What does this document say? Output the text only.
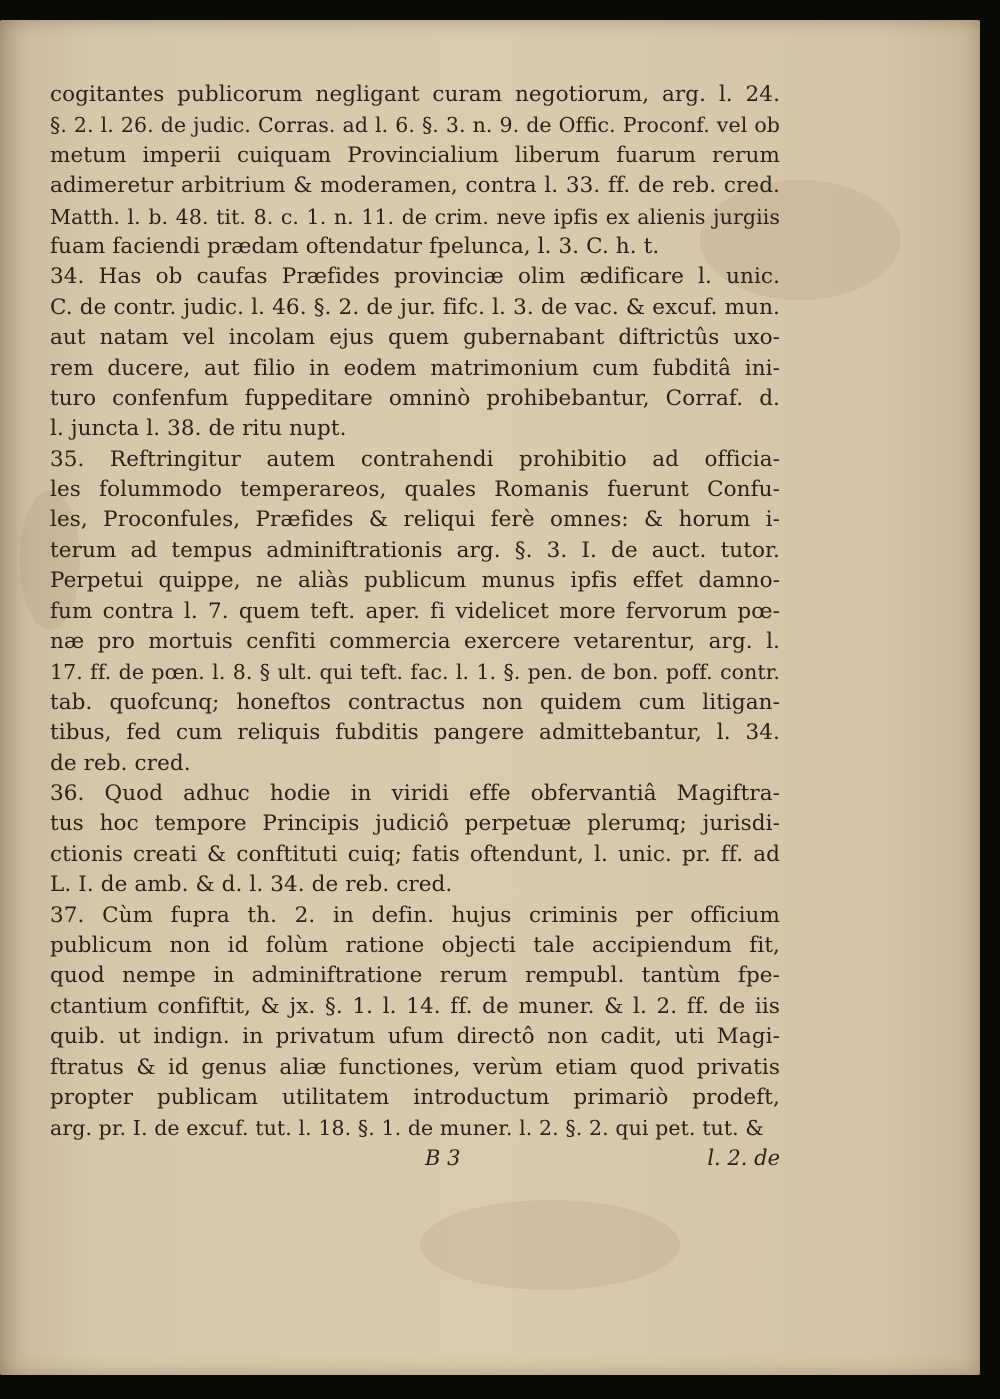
cogitantes publicorum negligant curam negotiorum, arg. l. 24.
§. 2. l. 26. de judic. Corras. ad l. 6. §. 3. n. 9. de Offic. Proconf. vel ob
metum imperii cuiquam Provincialium liberum fuarum rerum
adimeretur arbitrium & moderamen, contra l. 33. ff. de reb. cred.
Matth. l. b. 48. tit. 8. c. 1. n. 11. de crim. neve ipfis ex alienis jurgiis
fuam faciendi prædam oftendatur fpelunca, l. 3. C. h. t.
34. Has ob caufas Præfides provinciæ olim ædificare l. unic.
C. de contr. judic. l. 46. §. 2. de jur. fifc. l. 3. de vac. & excuf. mun.
aut natam vel incolam ejus quem gubernabant diftrictûs uxo-
rem ducere, aut filio in eodem matrimonium cum fubditâ ini-
turo confenfum fuppeditare omninò prohibebantur, Corraf. d.
l. juncta l. 38. de ritu nupt.
35. Reftringitur autem contrahendi prohibitio ad officia-
les folummodo temperareos, quales Romanis fuerunt Confu-
les, Proconfules, Præfides & reliqui ferè omnes: & horum i-
terum ad tempus adminiftrationis arg. §. 3. I. de auct. tutor.
Perpetui quippe, ne aliàs publicum munus ipfis effet damno-
fum contra l. 7. quem teft. aper. fi videlicet more fervorum pœ-
næ pro mortuis cenfiti commercia exercere vetarentur, arg. l.
17. ff. de pœn. l. 8. § ult. qui teft. fac. l. 1. §. pen. de bon. poff. contr.
tab. quofcunq; honeftos contractus non quidem cum litigan-
tibus, fed cum reliquis fubditis pangere admittebantur, l. 34.
de reb. cred.
36. Quod adhuc hodie in viridi effe obfervantiâ Magiftra-
tus hoc tempore Principis judiciô perpetuæ plerumq; jurisdi-
ctionis creati & conftituti cuiq; fatis oftendunt, l. unic. pr. ff. ad
L. I. de amb. & d. l. 34. de reb. cred.
37. Cùm fupra th. 2. in defin. hujus criminis per officium
publicum non id folùm ratione objecti tale accipiendum fit,
quod nempe in adminiftratione rerum rempubl. tantùm fpe-
ctantium confiftit, & jx. §. 1. l. 14. ff. de muner. & l. 2. ff. de iis
quib. ut indign. in privatum ufum directô non cadit, uti Magi-
ftratus & id genus aliæ functiones, verùm etiam quod privatis
propter publicam utilitatem introductum primariò prodeft,
arg. pr. I. de excuf. tut. l. 18. §. 1. de muner. l. 2. §. 2. qui pet. tut. &
B 3	l. 2. de
